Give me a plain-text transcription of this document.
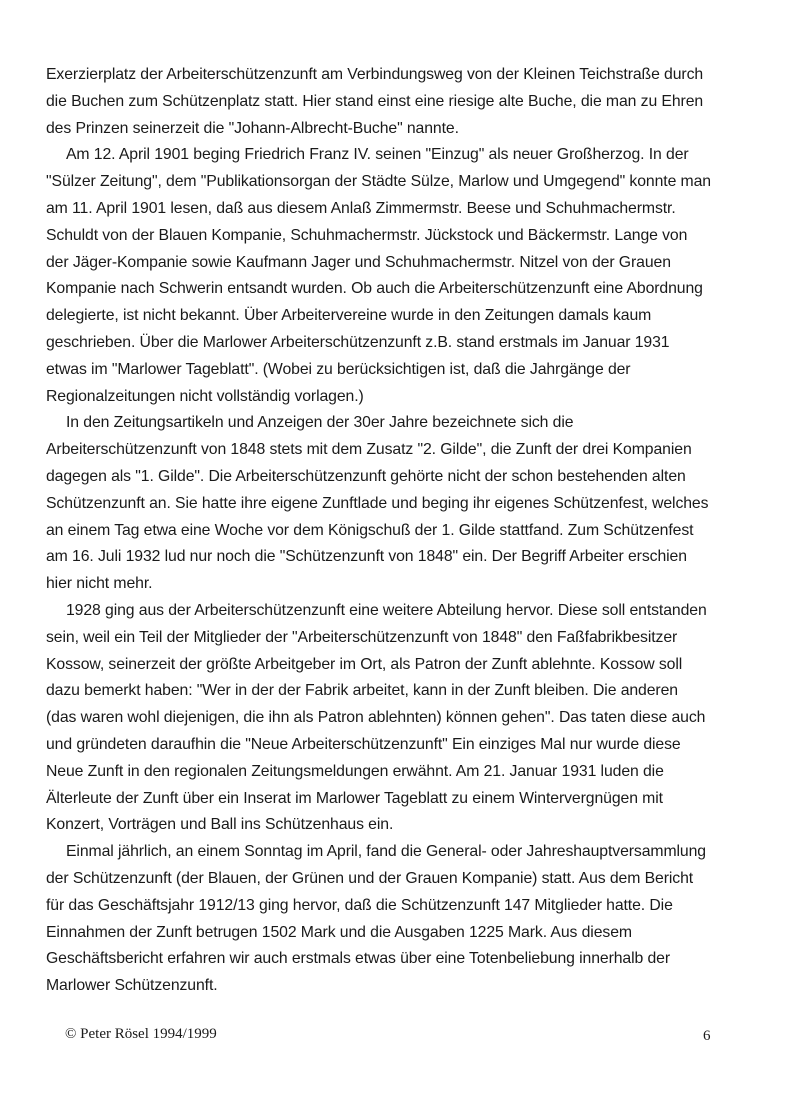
Exerzierplatz der Arbeiterschützenzunft am Verbindungsweg von der Kleinen Teichstraße durch
die Buchen zum Schützenplatz statt. Hier stand einst eine riesige alte Buche, die man zu Ehren
des Prinzen seinerzeit die "Johann-Albrecht-Buche" nannte.
Am 12. April 1901 beging Friedrich Franz IV. seinen "Einzug" als neuer Großherzog. In der
"Sülzer Zeitung", dem "Publikationsorgan der Städte Sülze, Marlow und Umgegend" konnte man
am 11. April 1901 lesen, daß aus diesem Anlaß Zimmermstr. Beese und Schuhmachermstr.
Schuldt von der Blauen Kompanie, Schuhmachermstr. Jückstock und Bäckermstr. Lange von
der Jäger-Kompanie sowie Kaufmann Jager und Schuhmachermstr. Nitzel von der Grauen
Kompanie nach Schwerin entsandt wurden. Ob auch die Arbeiterschützenzunft eine Abordnung
delegierte, ist nicht bekannt. Über Arbeitervereine wurde in den Zeitungen damals kaum
geschrieben. Über die Marlower Arbeiterschützenzunft z.B. stand erstmals im Januar 1931
etwas im "Marlower Tageblatt". (Wobei zu berücksichtigen ist, daß die Jahrgänge der
Regionalzeitungen nicht vollständig vorlagen.)
In den Zeitungsartikeln und Anzeigen der 30er Jahre bezeichnete sich die
Arbeiterschützenzunft von 1848 stets mit dem Zusatz "2. Gilde", die Zunft der drei Kompanien
dagegen als "1. Gilde". Die Arbeiterschützenzunft gehörte nicht der schon bestehenden alten
Schützenzunft an. Sie hatte ihre eigene Zunftlade und beging ihr eigenes Schützenfest, welches
an einem Tag etwa eine Woche vor dem Königschuß der 1. Gilde stattfand. Zum Schützenfest
am 16. Juli 1932 lud nur noch die "Schützenzunft von 1848" ein. Der Begriff Arbeiter erschien
hier nicht mehr.
1928 ging aus der Arbeiterschützenzunft eine weitere Abteilung hervor. Diese soll entstanden
sein, weil ein Teil der Mitglieder der "Arbeiterschützenzunft von 1848" den Faßfabrikbesitzer
Kossow, seinerzeit der größte Arbeitgeber im Ort, als Patron der Zunft ablehnte. Kossow soll
dazu bemerkt haben: "Wer in der der Fabrik arbeitet, kann in der Zunft bleiben. Die anderen
(das waren wohl diejenigen, die ihn als Patron ablehnten) können gehen". Das taten diese auch
und gründeten daraufhin die "Neue Arbeiterschützenzunft" Ein einziges Mal nur wurde diese
Neue Zunft in den regionalen Zeitungsmeldungen erwähnt. Am 21. Januar 1931 luden die
Älterleute der Zunft über ein Inserat im Marlower Tageblatt zu einem Wintervergnügen mit
Konzert, Vorträgen und Ball ins Schützenhaus ein.
Einmal jährlich, an einem Sonntag im April, fand die General- oder Jahreshauptversammlung
der Schützenzunft (der Blauen, der Grünen und der Grauen Kompanie) statt. Aus dem Bericht
für das Geschäftsjahr 1912/13 ging hervor, daß die Schützenzunft 147 Mitglieder hatte. Die
Einnahmen der Zunft betrugen 1502 Mark und die Ausgaben 1225 Mark. Aus diesem
Geschäftsbericht erfahren wir auch erstmals etwas über eine Totenbeliebung innerhalb der
Marlower Schützenzunft.
© Peter Rösel 1994/1999	6
